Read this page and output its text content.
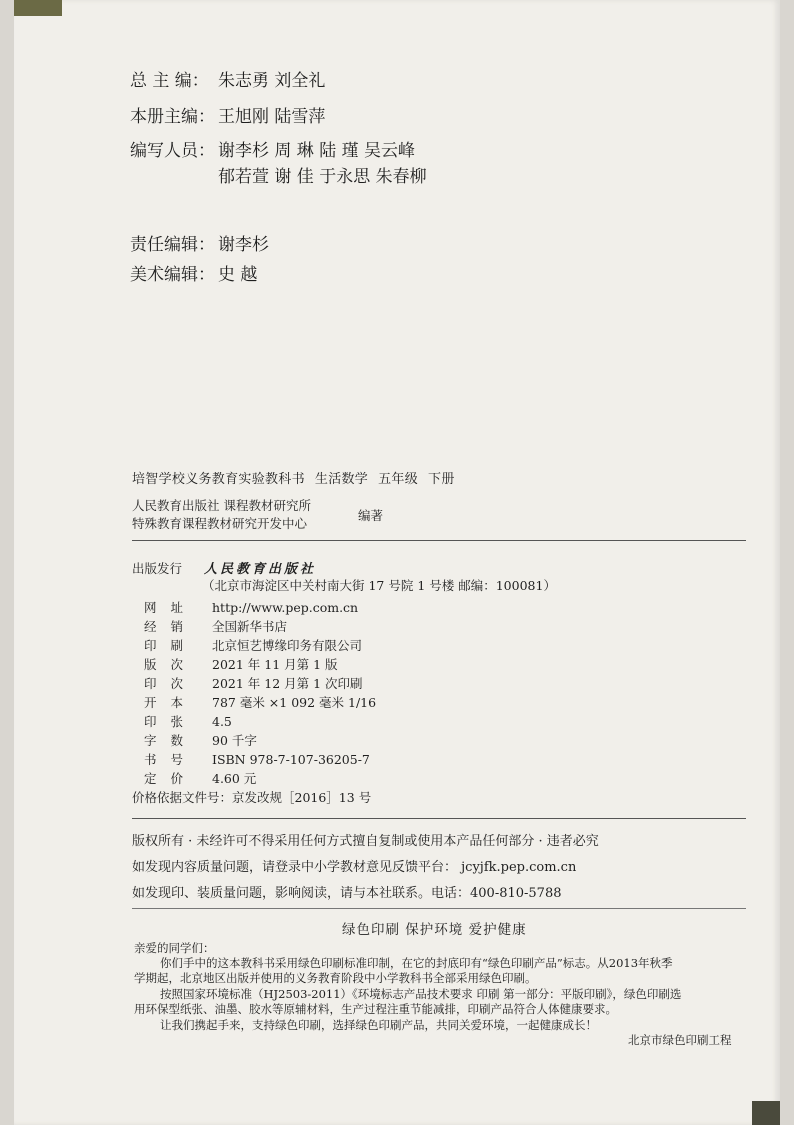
总 主 编： 朱志勇 刘全礼
本册主编： 王旭刚 陆雪萍
编写人员： 谢李杉 周 琳 陆 瑾 吴云峰
郁若萱 谢 佳 于永思 朱春柳
责任编辑： 谢李杉
美术编辑： 史 越
培智学校义务教育实验教科书 生活数学 五年级 下册
人民教育出版社 课程教材研究所
特殊教育课程教材研究开发中心
编著
出版发行 人民教育出版社
（北京市海淀区中关村南大街 17 号院 1 号楼 邮编：100081）
网址 http://www.pep.com.cn
经销 全国新华书店
印刷 北京恒艺博缘印务有限公司
版次 2021 年 11 月第 1 版
印次 2021 年 12 月第 1 次印刷
开本 787 毫米 ×1 092 毫米 1/16
印张 4.5
字数 90 千字
书号 ISBN 978-7-107-36205-7
定价 4.60 元
价格依据文件号：京发改规［2016］13 号
版权所有 · 未经许可不得采用任何方式擅自复制或使用本产品任何部分 · 违者必究
如发现内容质量问题，请登录中小学教材意见反馈平台： jcyjfk.pep.com.cn
如发现印、装质量问题，影响阅读，请与本社联系。电话：400-810-5788
绿色印刷 保护环境 爱护健康

亲爱的同学们：

你们手中的这本教科书采用绿色印刷标准印制，在它的封底印有“绿色印刷产品”标志。从2013年秋季

学期起，北京地区出版并使用的义务教育阶段中小学教科书全部采用绿色印刷。

按照国家环境标准（HJ2503-2011）《环境标志产品技术要求 印刷 第一部分：平版印刷》，绿色印刷选

用环保型纸张、油墨、胶水等原辅材料，生产过程注重节能减排，印刷产品符合人体健康要求。

让我们携起手来，支持绿色印刷，选择绿色印刷产品，共同关爱环境，一起健康成长！

北京市绿色印刷工程
